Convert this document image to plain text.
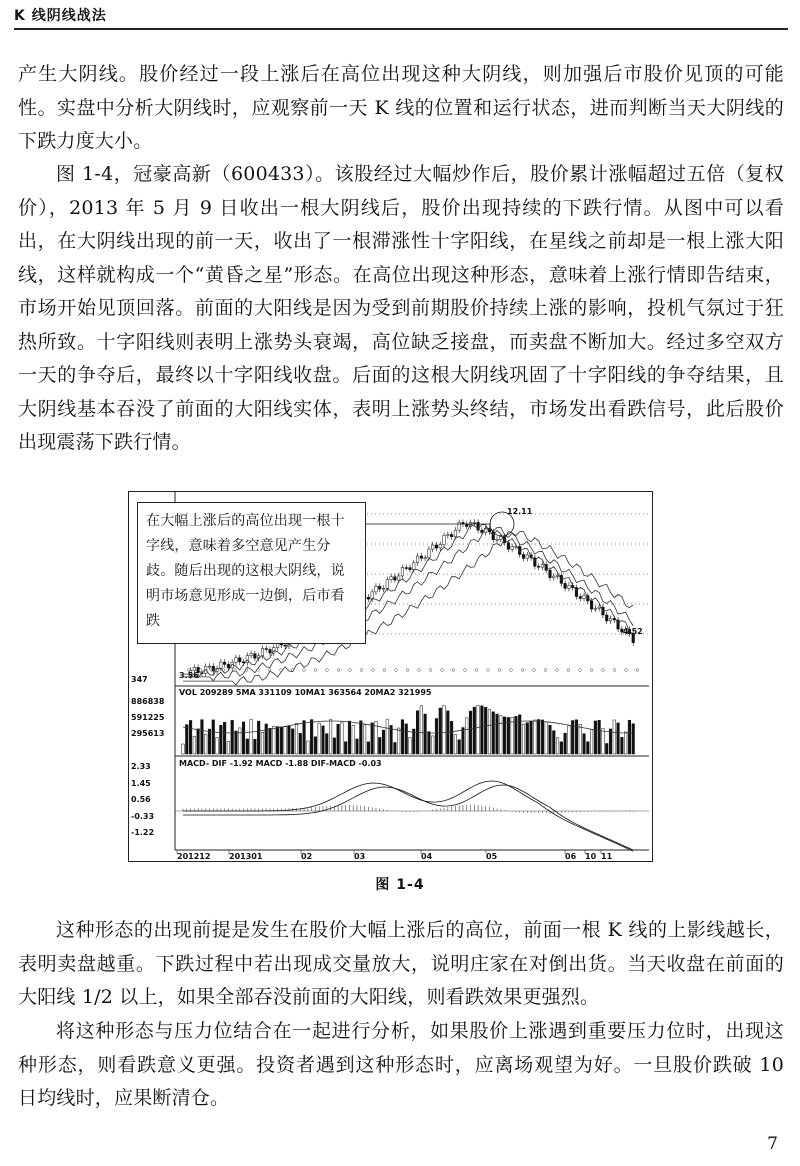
K 线阴线战法

产生大阴线。股价经过一段上涨后在高位出现这种大阴线，则加强后市股价见顶的可能性。实盘中分析大阴线时，应观察前一天 K 线的位置和运行状态，进而判断当天大阴线的下跌力度大小。

图 1-4，冠豪高新（600433）。该股经过大幅炒作后，股价累计涨幅超过五倍（复权价），2013 年 5 月 9 日收出一根大阴线后，股价出现持续的下跌行情。从图中可以看出，在大阴线出现的前一天，收出了一根滞涨性十字阳线，在星线之前却是一根上涨大阳线，这样就构成一个“黄昏之星”形态。在高位出现这种形态，意味着上涨行情即告结束，市场开始见顶回落。前面的大阳线是因为受到前期股价持续上涨的影响，投机气氛过于狂热所致。十字阳线则表明上涨势头衰竭，高位缺乏接盘，而卖盘不断加大。经过多空双方一天的争夺后，最终以十字阳线收盘。后面的这根大阴线巩固了十字阳线的争夺结果，且大阴线基本吞没了前面的大阳线实体，表明上涨势头终结，市场发出看跌信号，此后股价出现震荡下跌行情。

12.11
3.56
347
4.52
VOL 209289 5MA 331109 10MA1 363564 20MA2 321995
886838
591225
295613
MACD- DIF -1.92 MACD -1.88 DIF-MACD -0.03
2.33
1.45
0.56
-0.33
-1.22
201212 201301	02	03	04	05	06 10 11
在大幅上涨后的高位出现一根十字线，意味着多空意见产生分歧。随后出现的这根大阴线，说明市场意见形成一边倒，后市看跌
图 1-4

这种形态的出现前提是发生在股价大幅上涨后的高位，前面一根 K 线的上影线越长，表明卖盘越重。下跌过程中若出现成交量放大，说明庄家在对倒出货。当天收盘在前面的大阳线 1/2 以上，如果全部吞没前面的大阳线，则看跌效果更强烈。

将这种形态与压力位结合在一起进行分析，如果股价上涨遇到重要压力位时，出现这种形态，则看跌意义更强。投资者遇到这种形态时，应离场观望为好。一旦股价跌破 10 日均线时，应果断清仓。

7
